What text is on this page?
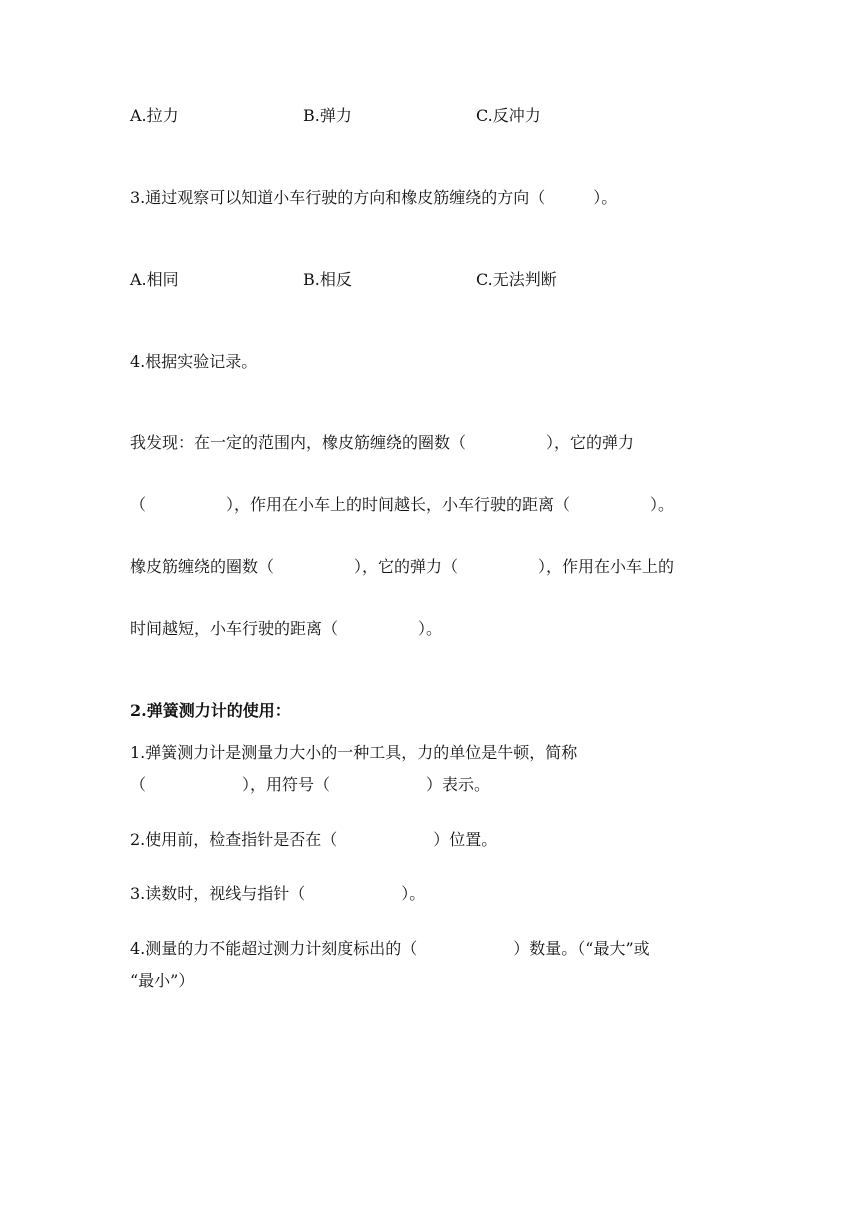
A.拉力	B.弹力	C.反冲力
3.通过观察可以知道小车行驶的方向和橡皮筋缠绕的方向（　　　）。
A.相同	B.相反	C.无法判断
4.根据实验记录。
我发现：在一定的范围内，橡皮筋缠绕的圈数（　　　　　），它的弹力
（　　　　　），作用在小车上的时间越长，小车行驶的距离（　　　　　）。
橡皮筋缠绕的圈数（　　　　　），它的弹力（　　　　　），作用在小车上的
时间越短，小车行驶的距离（　　　　　）。
2.弹簧测力计的使用：
1.弹簧测力计是测量力大小的一种工具，力的单位是牛顿，简称
（　　　　　　），用符号（　　　　　　）表示。
2.使用前，检查指针是否在（　　　　　　）位置。
3.读数时，视线与指针（　　　　　　）。
4.测量的力不能超过测力计刻度标出的（　　　　　　）数量。（“最大”或
“最小”）
